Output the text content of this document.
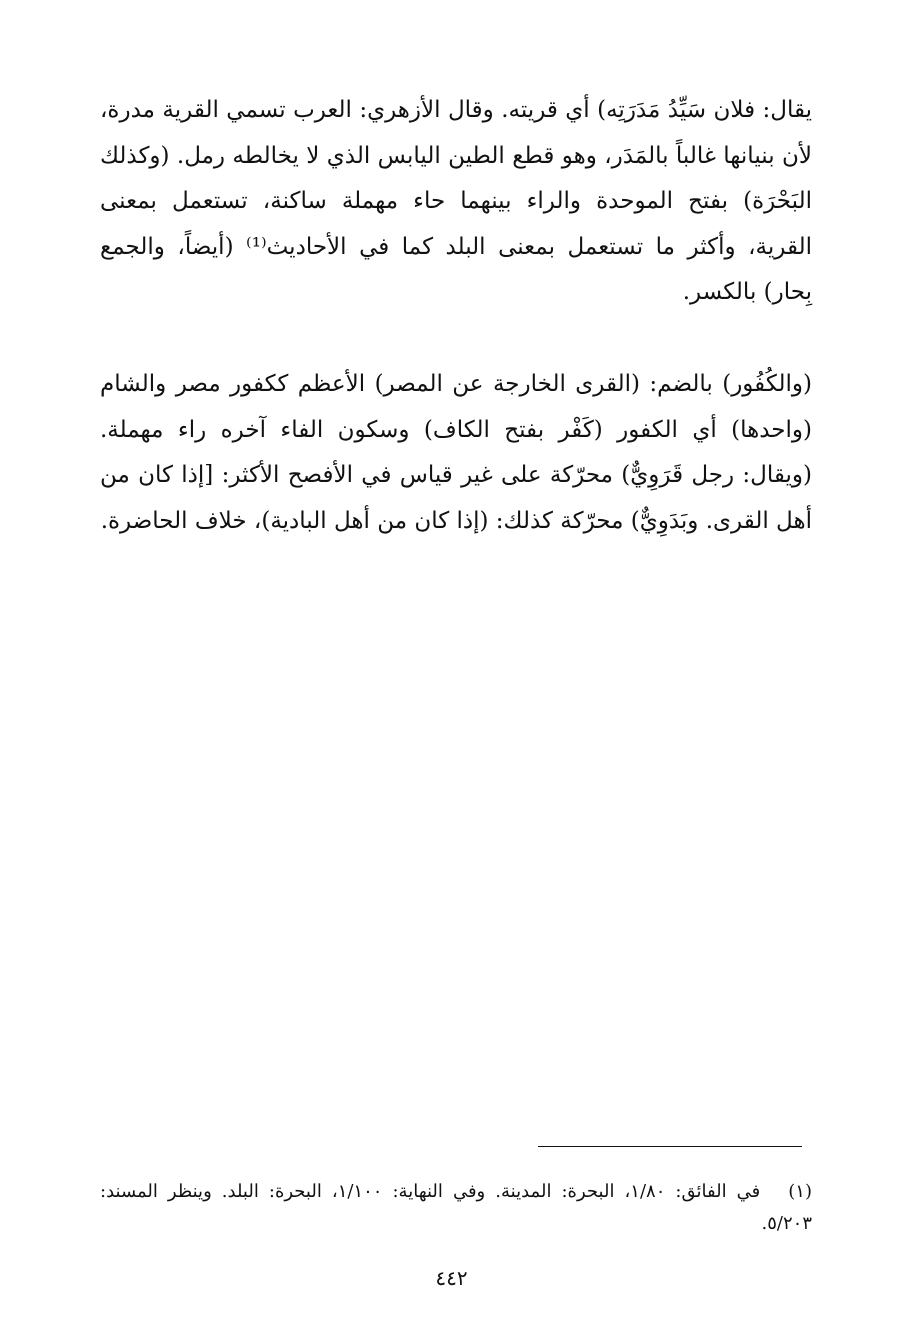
يقال: فلان سَيِّدُ مَدَرَتِه) أي قريته. وقال الأزهري: العرب تسمي القرية مدرة، لأن بنيانها غالباً بالمَدَر، وهو قطع الطين اليابس الذي لا يخالطه رمل. (وكذلك البَحْرَة) بفتح الموحدة والراء بينهما حاء مهملة ساكنة، تستعمل بمعنى القرية، وأكثر ما تستعمل بمعنى البلد كما في الأحاديث⁽¹⁾ (أيضاً، والجمع بِحار) بالكسر.

(والكُفُور) بالضم: (القرى الخارجة عن المصر) الأعظم ككفور مصر والشام (واحدها) أي الكفور (كَفْر بفتح الكاف) وسكون الفاء آخره راء مهملة. (ويقال: رجل قَرَوِيٌّ) محرّكة على غير قياس في الأفصح الأكثر: [إذا كان من أهل القرى. وبَدَوِيٌّ) محرّكة كذلك: (إذا كان من أهل البادية)، خلاف الحاضرة.

(١) في الفائق: ١/٨٠، البحرة: المدينة. وفي النهاية: ١/١٠٠، البحرة: البلد. وينظر المسند: ٥/٢٠٣.

٤٤٢
